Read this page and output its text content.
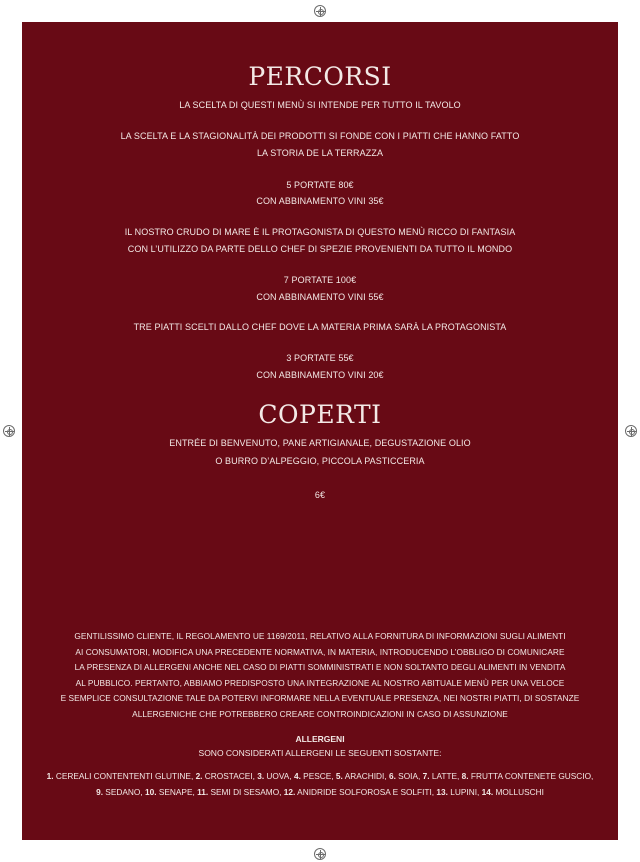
PERCORSI
LA SCELTA DI QUESTI MENÙ SI INTENDE PER TUTTO IL TAVOLO
LA SCELTA E LA STAGIONALITÀ DEI PRODOTTI SI FONDE CON I PIATTI CHE HANNO FATTO
LA STORIA DE LA TERRAZZA
5 PORTATE 80€
CON ABBINAMENTO VINI 35€
IL NOSTRO CRUDO DI MARE È IL PROTAGONISTA DI QUESTO MENÙ RICCO DI FANTASIA
CON L’UTILIZZO DA PARTE DELLO CHEF DI SPEZIE PROVENIENTI DA TUTTO IL MONDO
7 PORTATE 100€
CON ABBINAMENTO VINI 55€
TRE PIATTI SCELTI DALLO CHEF DOVE LA MATERIA PRIMA SARÀ LA PROTAGONISTA
3 PORTATE 55€
CON ABBINAMENTO VINI 20€
COPERTI
ENTRÉE DI BENVENUTO, PANE ARTIGIANALE, DEGUSTAZIONE OLIO
O BURRO D’ALPEGGIO, PICCOLA PASTICCERIA
6€
GENTILISSIMO CLIENTE, IL REGOLAMENTO UE 1169/2011, RELATIVO ALLA FORNITURA DI INFORMAZIONI SUGLI ALIMENTI
AI CONSUMATORI, MODIFICA UNA PRECEDENTE NORMATIVA, IN MATERIA, INTRODUCENDO L’OBBLIGO DI COMUNICARE
LA PRESENZA DI ALLERGENI ANCHE NEL CASO DI PIATTI SOMMINISTRATI E NON SOLTANTO DEGLI ALIMENTI IN VENDITA
AL PUBBLICO. PERTANTO, ABBIAMO PREDISPOSTO UNA INTEGRAZIONE AL NOSTRO ABITUALE MENÙ PER UNA VELOCE
E SEMPLICE CONSULTAZIONE TALE DA POTERVI INFORMARE NELLA EVENTUALE PRESENZA, NEI NOSTRI PIATTI, DI SOSTANZE
ALLERGENICHE CHE POTREBBERO CREARE CONTROINDICAZIONI IN CASO DI ASSUNZIONE
ALLERGENI
SONO CONSIDERATI ALLERGENI LE SEGUENTI SOSTANTE:
1. CEREALI CONTENTENTI GLUTINE, 2. CROSTACEI, 3. UOVA, 4. PESCE, 5. ARACHIDI, 6. SOIA, 7. LATTE, 8. FRUTTA CONTENETE GUSCIO,
9. SEDANO, 10. SENAPE, 11. SEMI DI SESAMO, 12. ANIDRIDE SOLFOROSA E SOLFITI, 13. LUPINI, 14. MOLLUSCHI
